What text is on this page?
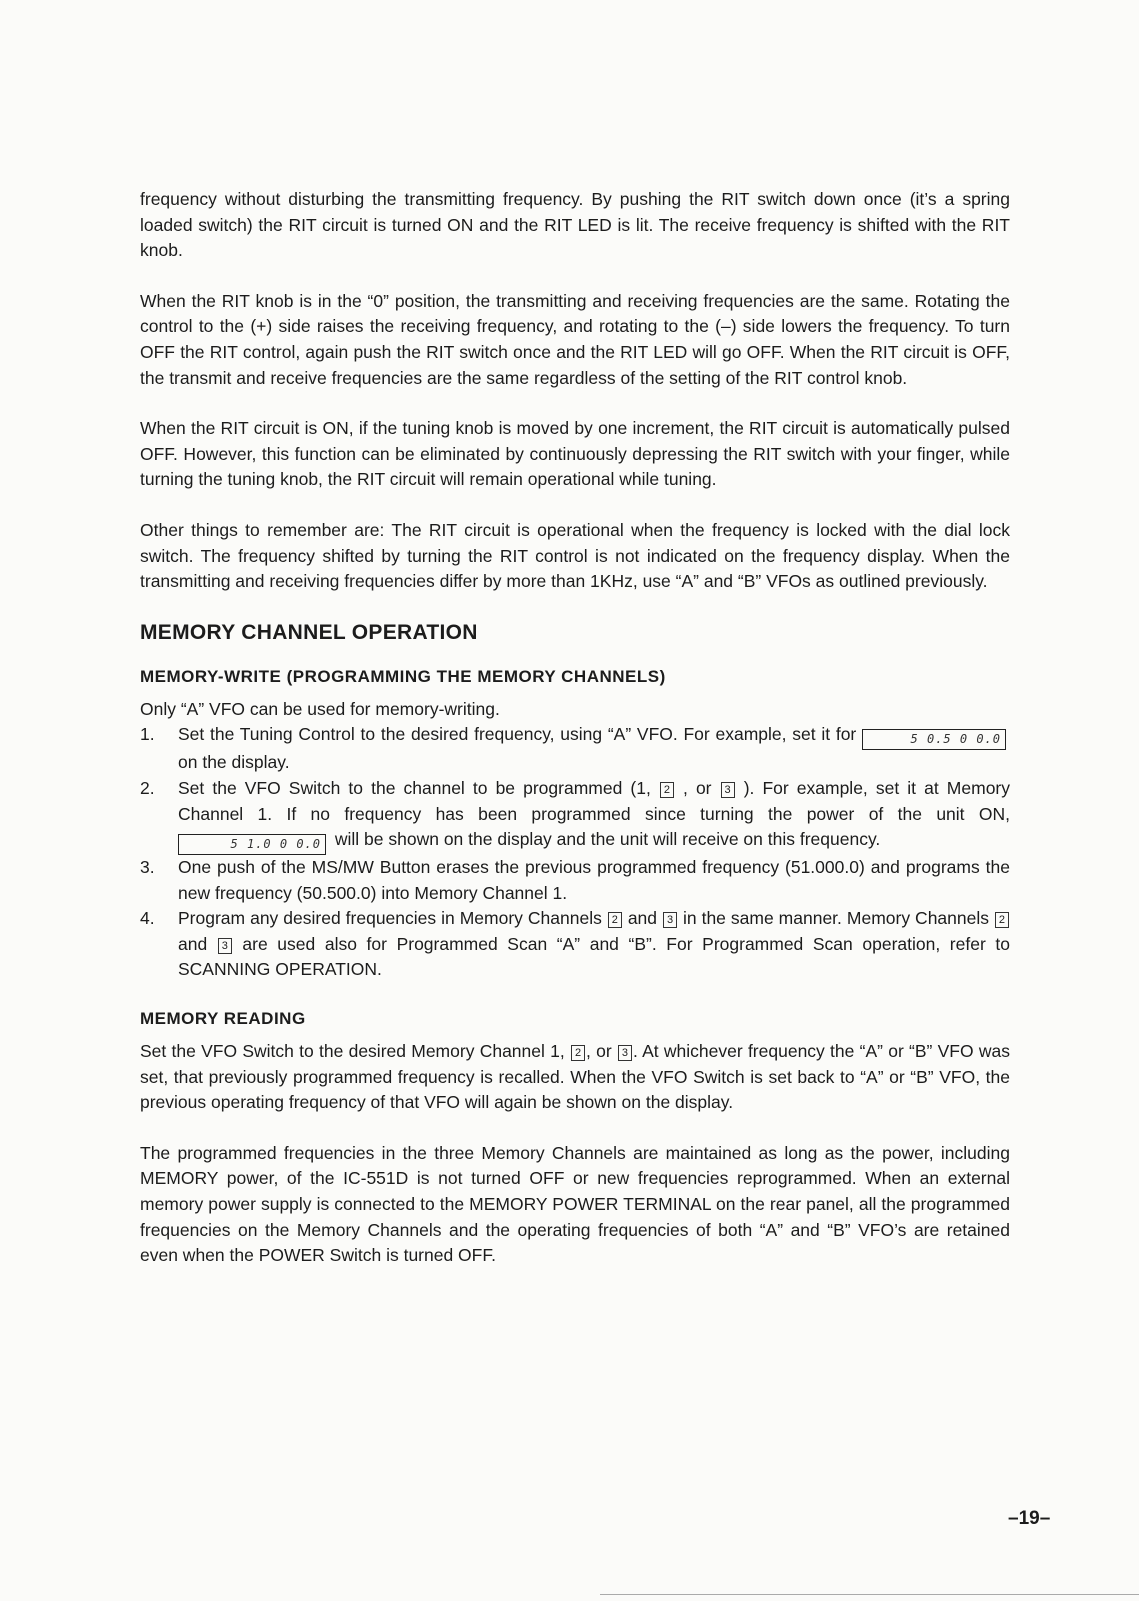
frequency without disturbing the transmitting frequency. By pushing the RIT switch down once (it’s a spring loaded switch) the RIT circuit is turned ON and the RIT LED is lit. The receive frequency is shifted with the RIT knob.

When the RIT knob is in the “0” position, the transmitting and receiving frequencies are the same. Rotating the control to the (+) side raises the receiving frequency, and rotating to the (–) side lowers the frequency. To turn OFF the RIT control, again push the RIT switch once and the RIT LED will go OFF. When the RIT circuit is OFF, the transmit and receive frequencies are the same regardless of the setting of the RIT control knob.

When the RIT circuit is ON, if the tuning knob is moved by one increment, the RIT circuit is automatically pulsed OFF. However, this function can be eliminated by continuously depressing the RIT switch with your finger, while turning the tuning knob, the RIT circuit will remain operational while tuning.

Other things to remember are: The RIT circuit is operational when the frequency is locked with the dial lock switch. The frequency shifted by turning the RIT control is not indicated on the frequency display. When the transmitting and receiving frequencies differ by more than 1KHz, use “A” and “B” VFOs as outlined previously.

MEMORY CHANNEL OPERATION
MEMORY-WRITE (PROGRAMMING THE MEMORY CHANNELS)

Only “A” VFO can be used for memory-writing.

1. Set the Tuning Control to the desired frequency, using “A” VFO. For example, set it for	5 0.5 0 0.0 on the display.
2. Set the VFO Switch to the channel to be programmed (1, 2 , or 3 ). For example, set it at Memory Channel 1. If no frequency has been programmed since turning the power of the unit ON, 5 1.0 0 0.0 will be shown on the display and the unit will receive on this frequency.
3. One push of the MS/MW Button erases the previous programmed frequency (51.000.0) and programs the new frequency (50.500.0) into Memory Channel 1.
4. Program any desired frequencies in Memory Channels 2 and 3 in the same manner. Memory Channels 2 and 3 are used also for Programmed Scan “A” and “B”. For Programmed Scan operation, refer to SCANNING OPERATION.
MEMORY READING

Set the VFO Switch to the desired Memory Channel 1, 2 , or 3 . At whichever frequency the “A” or “B” VFO was set, that previously programmed frequency is recalled. When the VFO Switch is set back to “A” or “B” VFO, the previous operating frequency of that VFO will again be shown on the display.

The programmed frequencies in the three Memory Channels are maintained as long as the power, including MEMORY power, of the IC-551D is not turned OFF or new frequencies reprogrammed. When an external memory power supply is connected to the MEMORY POWER TERMINAL on the rear panel, all the programmed frequencies on the Memory Channels and the operating frequencies of both “A” and “B” VFO’s are retained even when the POWER Switch is turned OFF.

–19–
